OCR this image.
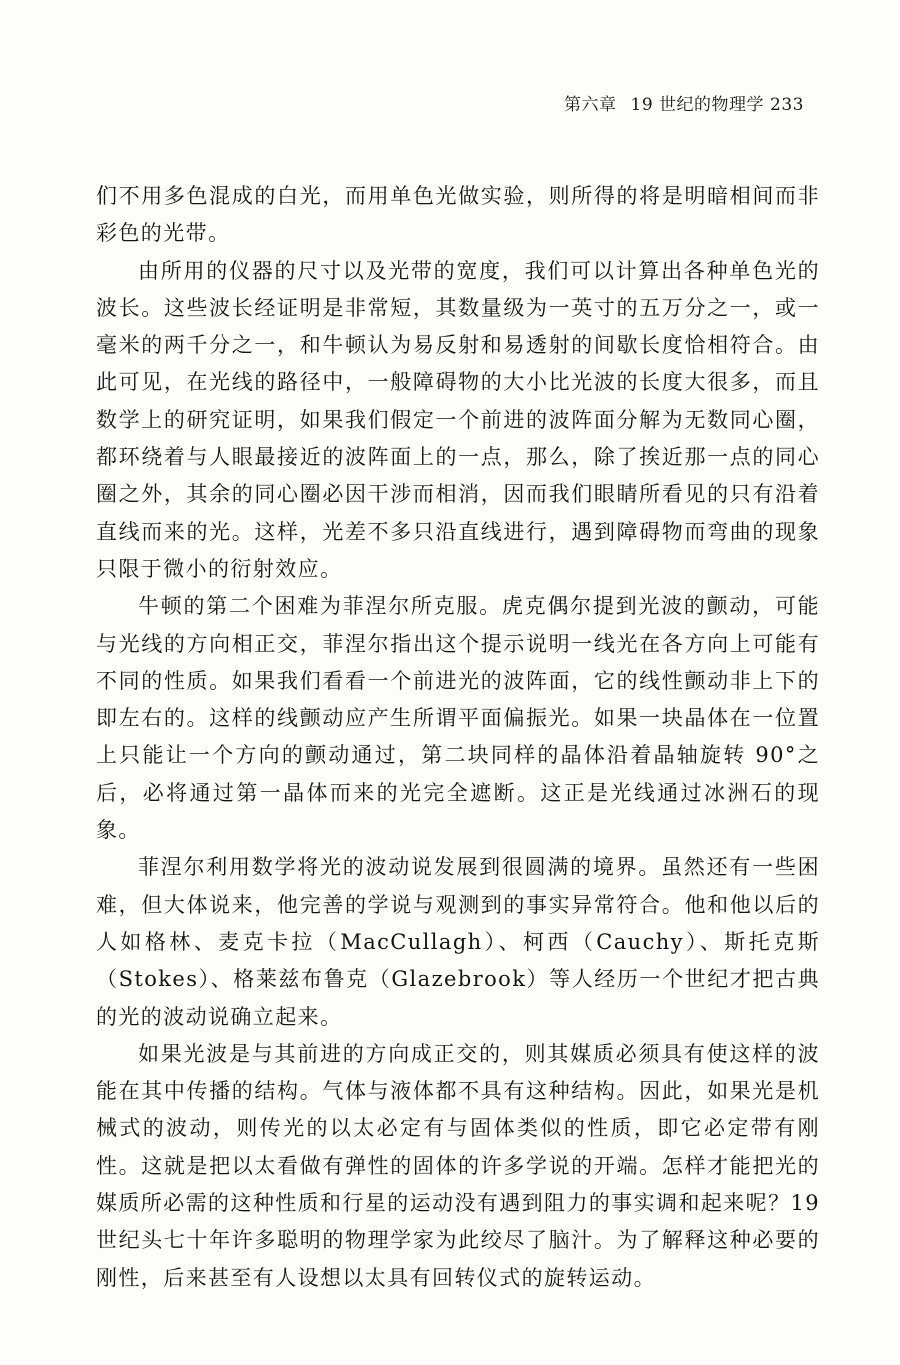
第六章 19 世纪的物理学 233

们不用多色混成的白光，而用单色光做实验，则所得的将是明暗相间而非彩色的光带。

由所用的仪器的尺寸以及光带的宽度，我们可以计算出各种单色光的波长。这些波长经证明是非常短，其数量级为一英寸的五万分之一，或一毫米的两千分之一，和牛顿认为易反射和易透射的间歇长度恰相符合。由此可见，在光线的路径中，一般障碍物的大小比光波的长度大很多，而且数学上的研究证明，如果我们假定一个前进的波阵面分解为无数同心圈，都环绕着与人眼最接近的波阵面上的一点，那么，除了挨近那一点的同心圈之外，其余的同心圈必因干涉而相消，因而我们眼睛所看见的只有沿着直线而来的光。这样，光差不多只沿直线进行，遇到障碍物而弯曲的现象只限于微小的衍射效应。

牛顿的第二个困难为菲涅尔所克服。虎克偶尔提到光波的颤动，可能与光线的方向相正交，菲涅尔指出这个提示说明一线光在各方向上可能有不同的性质。如果我们看看一个前进光的波阵面，它的线性颤动非上下的即左右的。这样的线颤动应产生所谓平面偏振光。如果一块晶体在一位置上只能让一个方向的颤动通过，第二块同样的晶体沿着晶轴旋转 90°之后，必将通过第一晶体而来的光完全遮断。这正是光线通过冰洲石的现象。

菲涅尔利用数学将光的波动说发展到很圆满的境界。虽然还有一些困难，但大体说来，他完善的学说与观测到的事实异常符合。他和他以后的人如格林、麦克卡拉（MacCullagh）、柯西（Cauchy）、斯托克斯（Stokes）、格莱兹布鲁克（Glazebrook）等人经历一个世纪才把古典的光的波动说确立起来。

如果光波是与其前进的方向成正交的，则其媒质必须具有使这样的波能在其中传播的结构。气体与液体都不具有这种结构。因此，如果光是机械式的波动，则传光的以太必定有与固体类似的性质，即它必定带有刚性。这就是把以太看做有弹性的固体的许多学说的开端。怎样才能把光的媒质所必需的这种性质和行星的运动没有遇到阻力的事实调和起来呢？19 世纪头七十年许多聪明的物理学家为此绞尽了脑汁。为了解释这种必要的刚性，后来甚至有人设想以太具有回转仪式的旋转运动。
